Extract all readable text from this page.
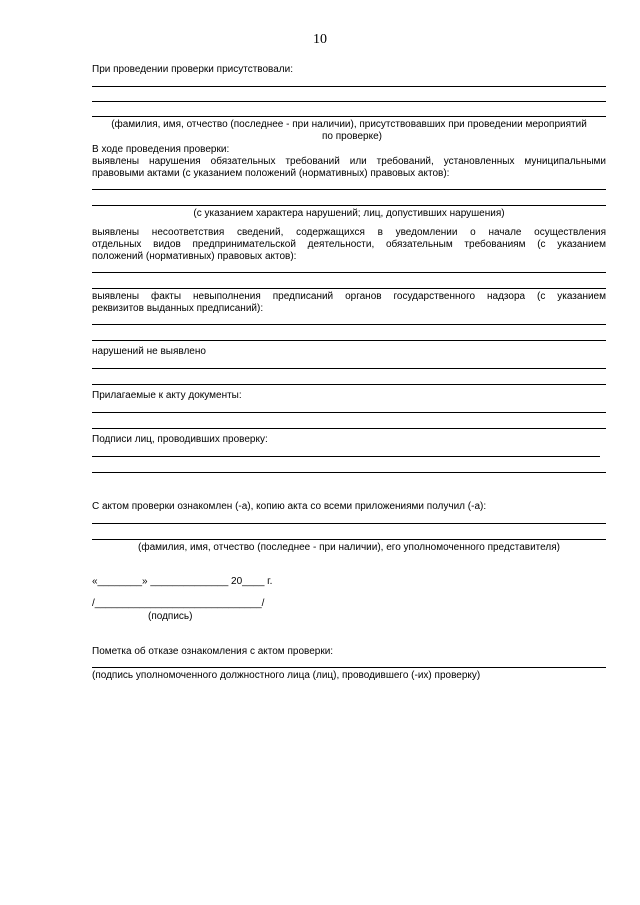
10
При проведении проверки присутствовали:
(фамилия, имя, отчество (последнее - при наличии), присутствовавших при проведении мероприятий
по проверке)
В ходе проведения проверки:
выявлены нарушения обязательных требований или требований, установленных муниципальными
правовыми актами (с указанием положений (нормативных) правовых актов):
(с указанием характера нарушений; лиц, допустивших нарушения)
выявлены несоответствия сведений, содержащихся в уведомлении о начале осуществления
отдельных видов предпринимательской деятельности, обязательным требованиям (с указанием
положений (нормативных) правовых актов):
выявлены факты невыполнения предписаний органов государственного надзора (с указанием
реквизитов выданных предписаний):
нарушений не выявлено
Прилагаемые к акту документы:
Подписи лиц, проводивших проверку:
С актом проверки ознакомлен (-а), копию акта со всеми приложениями получил (-а):
(фамилия, имя, отчество (последнее - при наличии), его уполномоченного представителя)
«________» ______________ 20____ г.
/______________________________/
(подпись)
Пометка об отказе ознакомления с актом проверки:
(подпись уполномоченного должностного лица (лиц), проводившего (-их) проверку)
